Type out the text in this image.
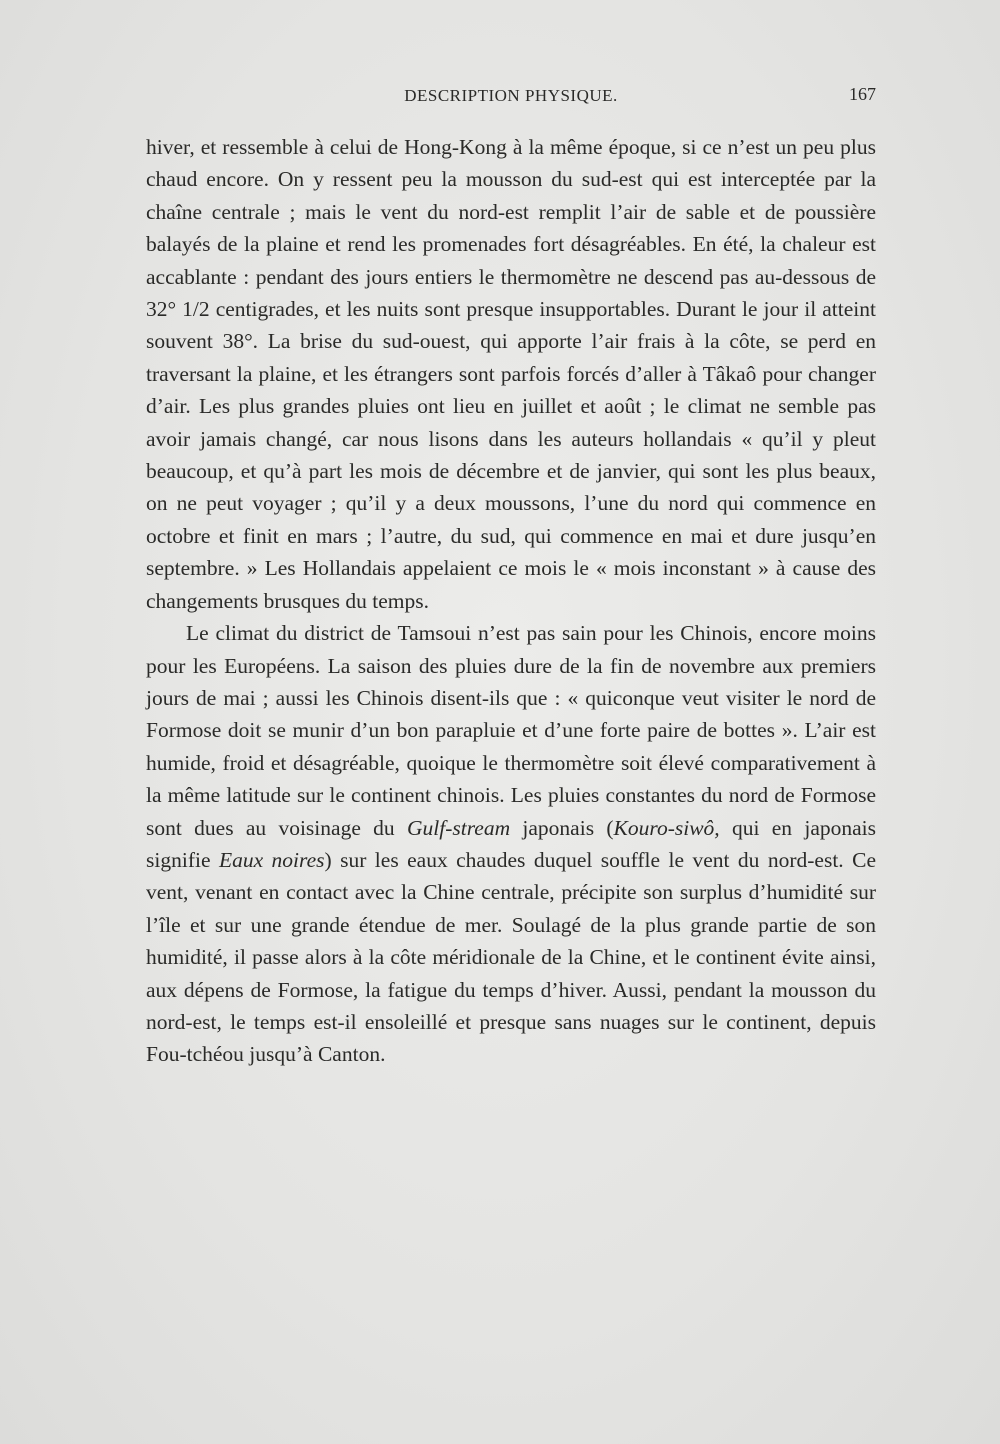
DESCRIPTION PHYSIQUE.	167

hiver, et ressemble à celui de Hong-Kong à la même époque, si ce n’est un peu plus chaud encore. On y ressent peu la mousson du sud-est qui est interceptée par la chaîne centrale ; mais le vent du nord-est remplit l’air de sable et de poussière balayés de la plaine et rend les promenades fort désagréables. En été, la chaleur est accablante : pendant des jours entiers le thermomètre ne descend pas au-dessous de 32° 1/2 centigrades, et les nuits sont presque insupportables. Durant le jour il atteint souvent 38°. La brise du sud-ouest, qui apporte l’air frais à la côte, se perd en traversant la plaine, et les étrangers sont parfois forcés d’aller à Tâkaô pour changer d’air. Les plus grandes pluies ont lieu en juillet et août ; le climat ne semble pas avoir jamais changé, car nous lisons dans les auteurs hollandais « qu’il y pleut beaucoup, et qu’à part les mois de décembre et de janvier, qui sont les plus beaux, on ne peut voyager ; qu’il y a deux moussons, l’une du nord qui commence en octobre et finit en mars ; l’autre, du sud, qui commence en mai et dure jusqu’en septembre. » Les Hollandais appelaient ce mois le « mois inconstant » à cause des changements brusques du temps.

Le climat du district de Tamsoui n’est pas sain pour les Chinois, encore moins pour les Européens. La saison des pluies dure de la fin de novembre aux premiers jours de mai ; aussi les Chinois disent-ils que : « quiconque veut visiter le nord de Formose doit se munir d’un bon parapluie et d’une forte paire de bottes ». L’air est humide, froid et désagréable, quoique le thermomètre soit élevé comparativement à la même latitude sur le continent chinois. Les pluies constantes du nord de Formose sont dues au voisinage du Gulf-stream japonais (Kouro-siwô, qui en japonais signifie Eaux noires) sur les eaux chaudes duquel souffle le vent du nord-est. Ce vent, venant en contact avec la Chine centrale, précipite son surplus d’humidité sur l’île et sur une grande étendue de mer. Soulagé de la plus grande partie de son humidité, il passe alors à la côte méridionale de la Chine, et le continent évite ainsi, aux dépens de Formose, la fatigue du temps d’hiver. Aussi, pendant la mousson du nord-est, le temps est-il ensoleillé et presque sans nuages sur le continent, depuis Fou-tchéou jusqu’à Canton.
